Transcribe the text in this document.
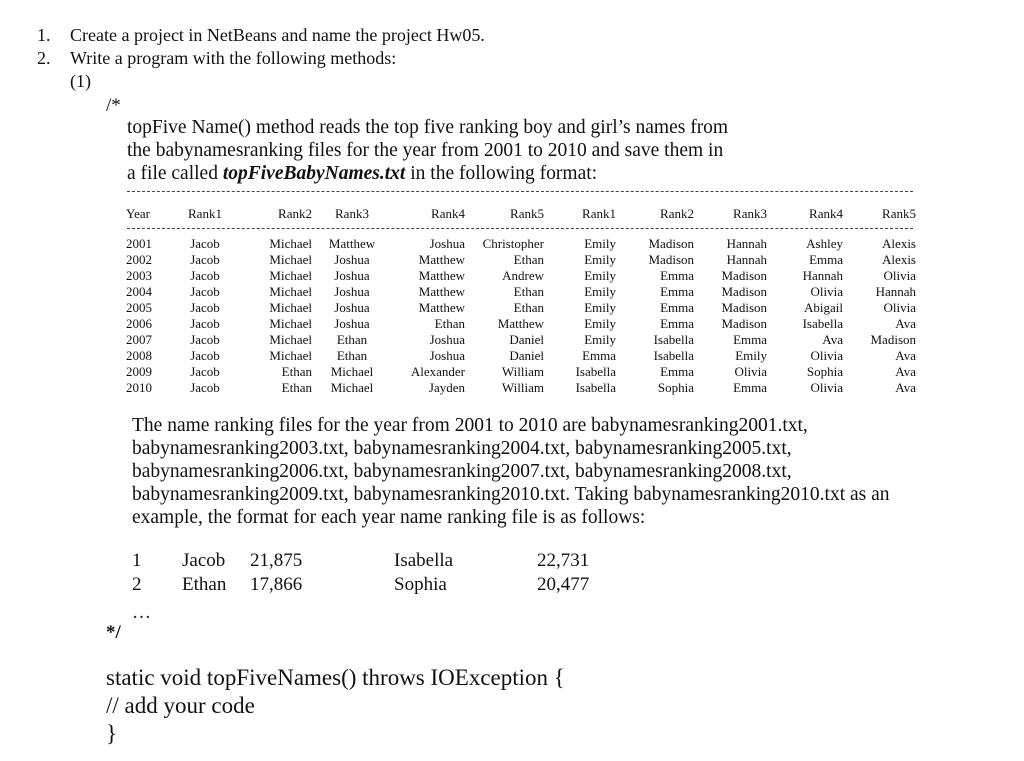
1. Create a project in NetBeans and name the project Hw05.
2. Write a program with the following methods:
(1)
/*
topFive Name() method reads the top five ranking boy and girl’s names from
the babynamesranking files for the year from 2001 to 2010 and save them in
a file called topFiveBabyNames.txt in the following format:
Year	Rank1	Rank2	Rank3	Rank4	Rank5	Rank1	Rank2	Rank3	Rank4	Rank5

2001	Jacob	Michael	Matthew	Joshua	Christopher	Emily	Madison	Hannah	Ashley	Alexis
2002	Jacob	Michael	Joshua	Matthew	Ethan	Emily	Madison	Hannah	Emma	Alexis
2003	Jacob	Michael	Joshua	Matthew	Andrew	Emily	Emma	Madison	Hannah	Olivia
2004	Jacob	Michael	Joshua	Matthew	Ethan	Emily	Emma	Madison	Olivia	Hannah
2005	Jacob	Michael	Joshua	Matthew	Ethan	Emily	Emma	Madison	Abigail	Olivia
2006	Jacob	Michael	Joshua	Ethan	Matthew	Emily	Emma	Madison	Isabella	Ava
2007	Jacob	Michael	Ethan	Joshua	Daniel	Emily	Isabella	Emma	Ava	Madison
2008	Jacob	Michael	Ethan	Joshua	Daniel	Emma	Isabella	Emily	Olivia	Ava
2009	Jacob	Ethan	Michael	Alexander	William	Isabella	Emma	Olivia	Sophia	Ava
2010	Jacob	Ethan	Michael	Jayden	William	Isabella	Sophia	Emma	Olivia	Ava
The name ranking files for the year from 2001 to 2010 are babynamesranking2001.txt,
babynamesranking2003.txt, babynamesranking2004.txt, babynamesranking2005.txt,
babynamesranking2006.txt, babynamesranking2007.txt, babynamesranking2008.txt,
babynamesranking2009.txt, babynamesranking2010.txt. Taking babynamesranking2010.txt as an
example, the format for each year name ranking file is as follows:
1	Jacob	21,875	Isabella	22,731
2	Ethan	17,866	Sophia	20,477
…
*/
static void topFiveNames() throws IOException {
// add your code
}
